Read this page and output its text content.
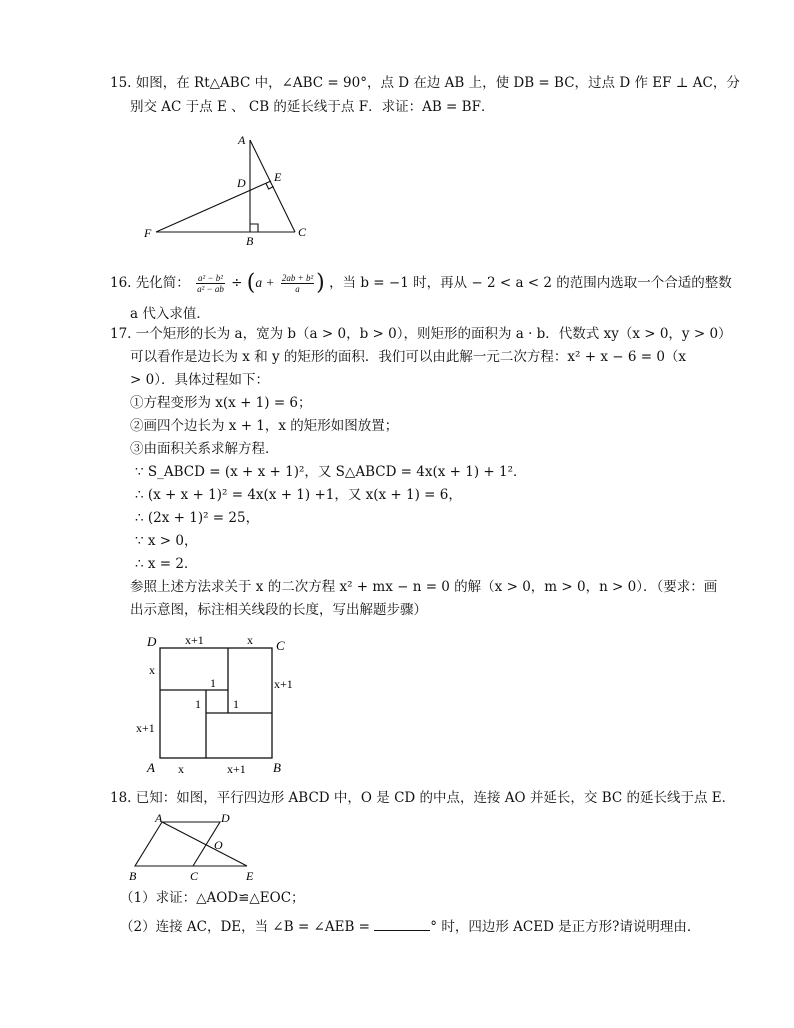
15. 如图，在 Rt△ABC 中，∠ABC = 90°，点 D 在边 AB 上，使 DB = BC，过点 D 作 EF ⊥ AC，分
别交 AC 于点 E 、 CB 的延长线于点 F．求证：AB = BF．
A
D E
F
B
C
16. 先化简： $\frac{\text{a² − b²}}{\text{a² − ab}} \div (a + \frac{\text{2ab + b²}}{a}$ ) ，当 b = −1 时，再从 − 2 < a < 2 的范围内选取一个合适的整数
a 代入求值．
17. 一个矩形的长为 a，宽为 b（a > 0，b > 0），则矩形的面积为 a · b．代数式 xy（x > 0，y > 0）
可以看作是边长为 x 和 y 的矩形的面积．我们可以由此解一元二次方程：x² + x − 6 = 0（x
> 0）．具体过程如下：
①方程变形为 x(x + 1) = 6；
②画四个边长为 x + 1，x 的矩形如图放置；
③由面积关系求解方程．
∵ S_ABCD = (x + x + 1)²，又 S△ABCD = 4x(x + 1) + 1²．
∴ (x + x + 1)² = 4x(x + 1) +1，又 x(x + 1) = 6，
∴ (2x + 1)² = 25，
∵ x > 0，
∴ x = 2．
参照上述方法求关于 x 的二次方程 x² + mx − n = 0 的解（x > 0，m > 0，n > 0）．（要求：画
出示意图，标注相关线段的长度，写出解题步骤）
D	C
A	B
x+1	x
x
x+1
x+1
x	x+1
1
1	1
18. 已知：如图，平行四边形 ABCD 中，O 是 CD 的中点，连接 AO 并延长，交 BC 的延长线于点 E．
A	D
O
B	C	E
（1）求证：△AOD≌△EOC；
（2）连接 AC，DE，当 ∠B = ∠AEB =	° 时，四边形 ACED 是正方形?请说明理由．
